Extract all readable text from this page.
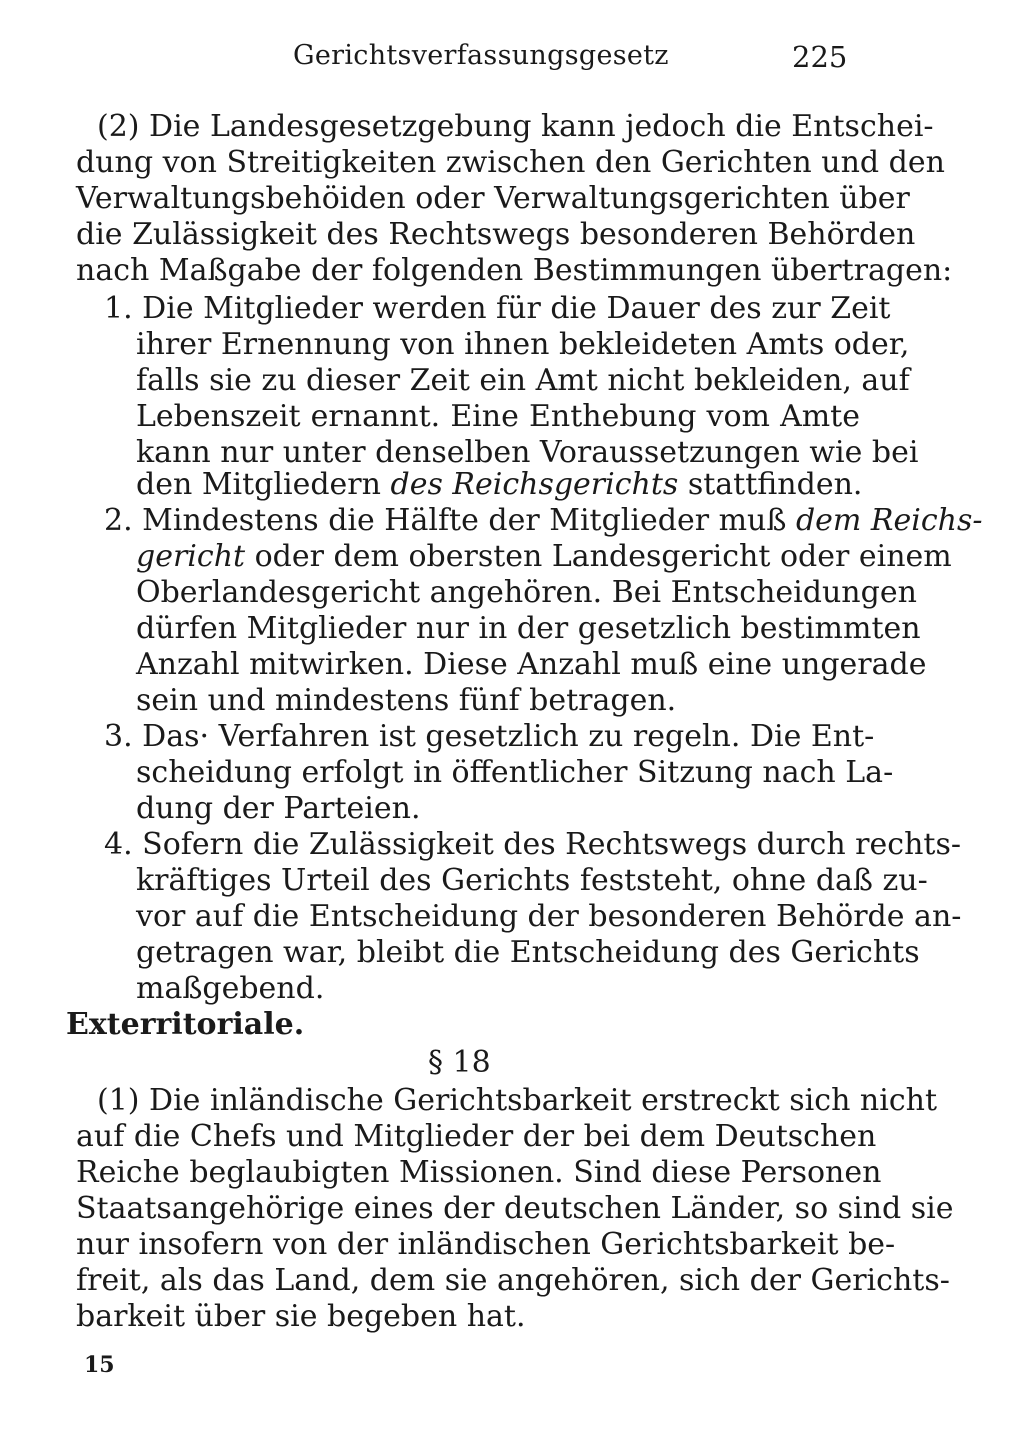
Gerichtsverfassungsgesetz	225
(2) Die Landesgesetzgebung kann jedoch die Entschei-
dung von Streitigkeiten zwischen den Gerichten und den
Verwaltungsbehöiden oder Verwaltungsgerichten über
die Zulässigkeit des Rechtswegs besonderen Behörden
nach Maßgabe der folgenden Bestimmungen übertragen:
1. Die Mitglieder werden für die Dauer des zur Zeit
ihrer Ernennung von ihnen bekleideten Amts oder,
falls sie zu dieser Zeit ein Amt nicht bekleiden, auf
Lebenszeit ernannt. Eine Enthebung vom Amte
kann nur unter denselben Voraussetzungen wie bei
den Mitgliedern des Reichsgerichts stattfinden.
2. Mindestens die Hälfte der Mitglieder muß dem Reichs-
gericht oder dem obersten Landesgericht oder einem
Oberlandesgericht angehören. Bei Entscheidungen
dürfen Mitglieder nur in der gesetzlich bestimmten
Anzahl mitwirken. Diese Anzahl muß eine ungerade
sein und mindestens fünf betragen.
3. Das· Verfahren ist gesetzlich zu regeln. Die Ent-
scheidung erfolgt in öffentlicher Sitzung nach La-
dung der Parteien.
4. Sofern die Zulässigkeit des Rechtswegs durch rechts-
kräftiges Urteil des Gerichts feststeht, ohne daß zu-
vor auf die Entscheidung der besonderen Behörde an-
getragen war, bleibt die Entscheidung des Gerichts
maßgebend.
Exterritoriale.
§ 18
(1) Die inländische Gerichtsbarkeit erstreckt sich nicht
auf die Chefs und Mitglieder der bei dem Deutschen
Reiche beglaubigten Missionen. Sind diese Personen
Staatsangehörige eines der deutschen Länder, so sind sie
nur insofern von der inländischen Gerichtsbarkeit be-
freit, als das Land, dem sie angehören, sich der Gerichts-
barkeit über sie begeben hat.
15
